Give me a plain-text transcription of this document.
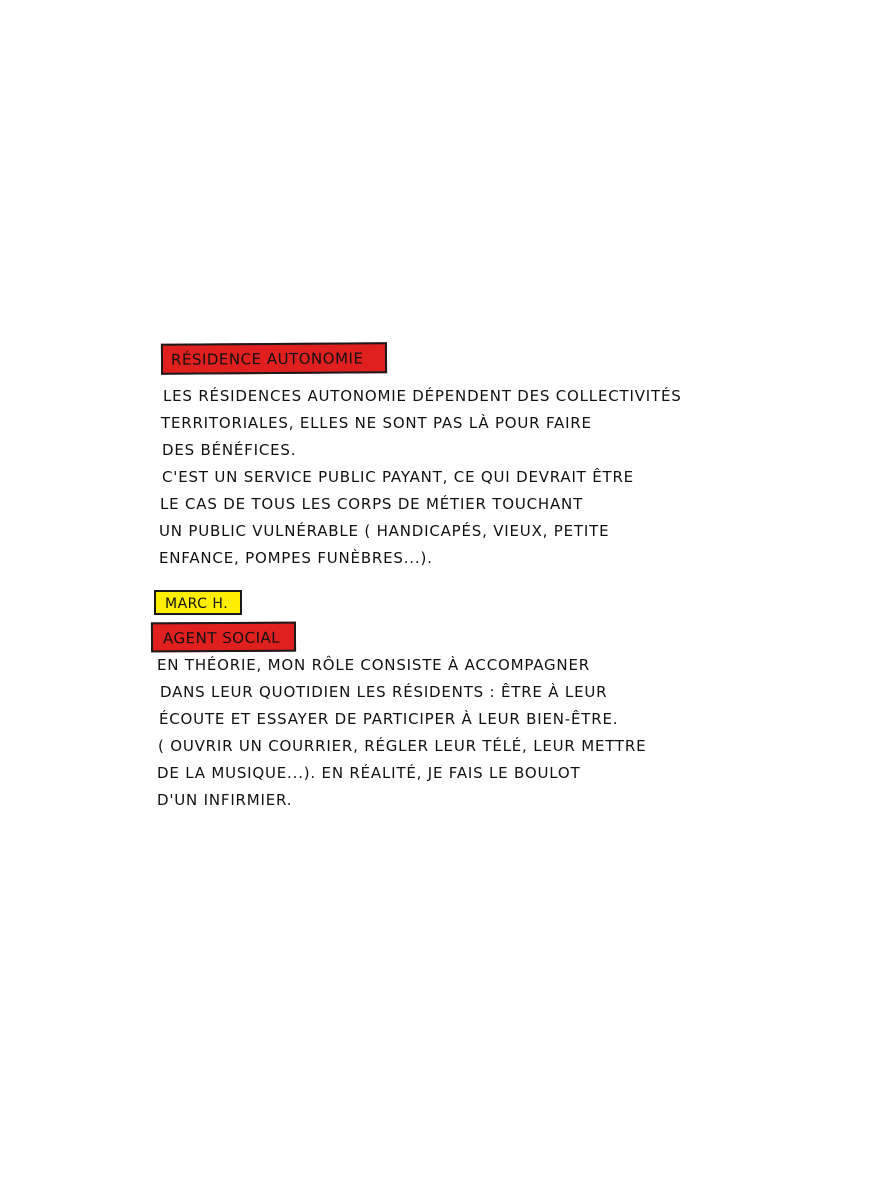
RÉSIDENCE AUTONOMIE
LES RÉSIDENCES AUTONOMIE DÉPENDENT DES COLLECTIVITÉS
TERRITORIALES, ELLES NE SONT PAS LÀ POUR FAIRE
DES BÉNÉFICES.
C'EST UN SERVICE PUBLIC PAYANT, CE QUI DEVRAIT ÊTRE
LE CAS DE TOUS LES CORPS DE MÉTIER TOUCHANT
UN PUBLIC VULNÉRABLE ( HANDICAPÉS, VIEUX, PETITE
ENFANCE, POMPES FUNÈBRES...).
MARC H.
AGENT SOCIAL
EN THÉORIE, MON RÔLE CONSISTE À ACCOMPAGNER
DANS LEUR QUOTIDIEN LES RÉSIDENTS : ÊTRE À LEUR
ÉCOUTE ET ESSAYER DE PARTICIPER À LEUR BIEN-ÊTRE.
( OUVRIR UN COURRIER, RÉGLER LEUR TÉLÉ, LEUR METTRE
DE LA MUSIQUE...). EN RÉALITÉ, JE FAIS LE BOULOT
D'UN INFIRMIER.
